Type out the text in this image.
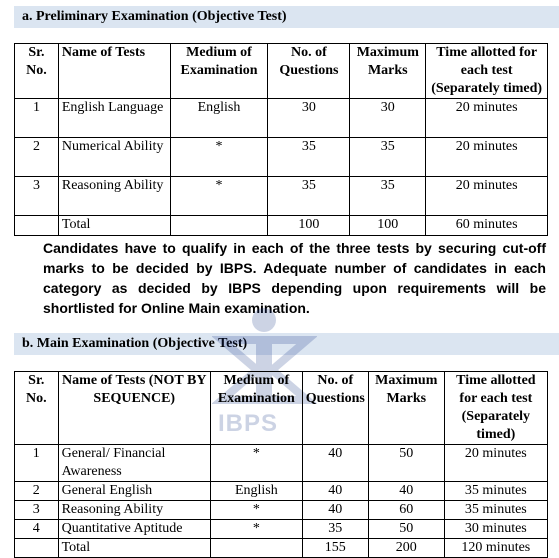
a. Preliminary Examination (Objective Test)
Sr. No.	Name of Tests	Medium of Examination	No. of Questions	Maximum Marks	Time allotted for each test (Separately timed)
1	English Language	English	30	30	20 minutes
2	Numerical Ability	*	35	35	20 minutes
3	Reasoning Ability	*	35	35	20 minutes
	Total		100	100	60 minutes
Candidates have to qualify in each of the three tests by securing cut-off marks to be decided by IBPS. Adequate number of candidates in each category as decided by IBPS depending upon requirements will be shortlisted for Online Main examination.
b. Main Examination (Objective Test)
IBPS
Sr. No.	Name of Tests (NOT BY SEQUENCE)	Medium of Examination	No. of Questions	Maximum Marks	Time allotted for each test (Separately timed)
1	General/ Financial Awareness	*	40	50	20 minutes
2	General English	English	40	40	35 minutes
3	Reasoning Ability	*	40	60	35 minutes
4	Quantitative Aptitude	*	35	50	30 minutes
	Total		155	200	120 minutes
